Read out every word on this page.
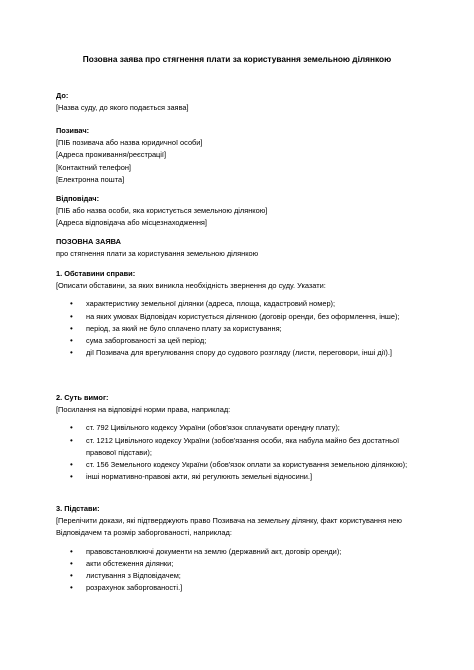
Позовна заява про стягнення плати за користування земельною ділянкою
До:
[Назва суду, до якого подається заява]
Позивач:
[ПІБ позивача або назва юридичної особи]
[Адреса проживання/реєстрації]
[Контактний телефон]
[Електронна пошта]
Відповідач:
[ПІБ або назва особи, яка користується земельною ділянкою]
[Адреса відповідача або місцезнаходження]
ПОЗОВНА ЗАЯВА
про стягнення плати за користування земельною ділянкою
1. Обставини справи:
[Описати обставини, за яких виникла необхідність звернення до суду. Указати:
• характеристику земельної ділянки (адреса, площа, кадастровий номер);
• на яких умовах Відповідач користується ділянкою (договір оренди, без оформлення, інше);
• період, за який не було сплачено плату за користування;
• сума заборгованості за цей період;
• дії Позивача для врегулювання спору до судового розгляду (листи, переговори, інші дії).]
2. Суть вимог:
[Посилання на відповідні норми права, наприклад:
• ст. 792 Цивільного кодексу України (обов'язок сплачувати орендну плату);
• ст. 1212 Цивільного кодексу України (зобов'язання особи, яка набула майно без достатньої правової підстави);
• ст. 156 Земельного кодексу України (обов'язок оплати за користування земельною ділянкою);
• інші нормативно-правові акти, які регулюють земельні відносини.]
3. Підстави:
[Перелічити докази, які підтверджують право Позивача на земельну ділянку, факт користування нею Відповідачем та розмір заборгованості, наприклад:
• правовстановлюючі документи на землю (державний акт, договір оренди);
• акти обстеження ділянки;
• листування з Відповідачем;
• розрахунок заборгованості.]
